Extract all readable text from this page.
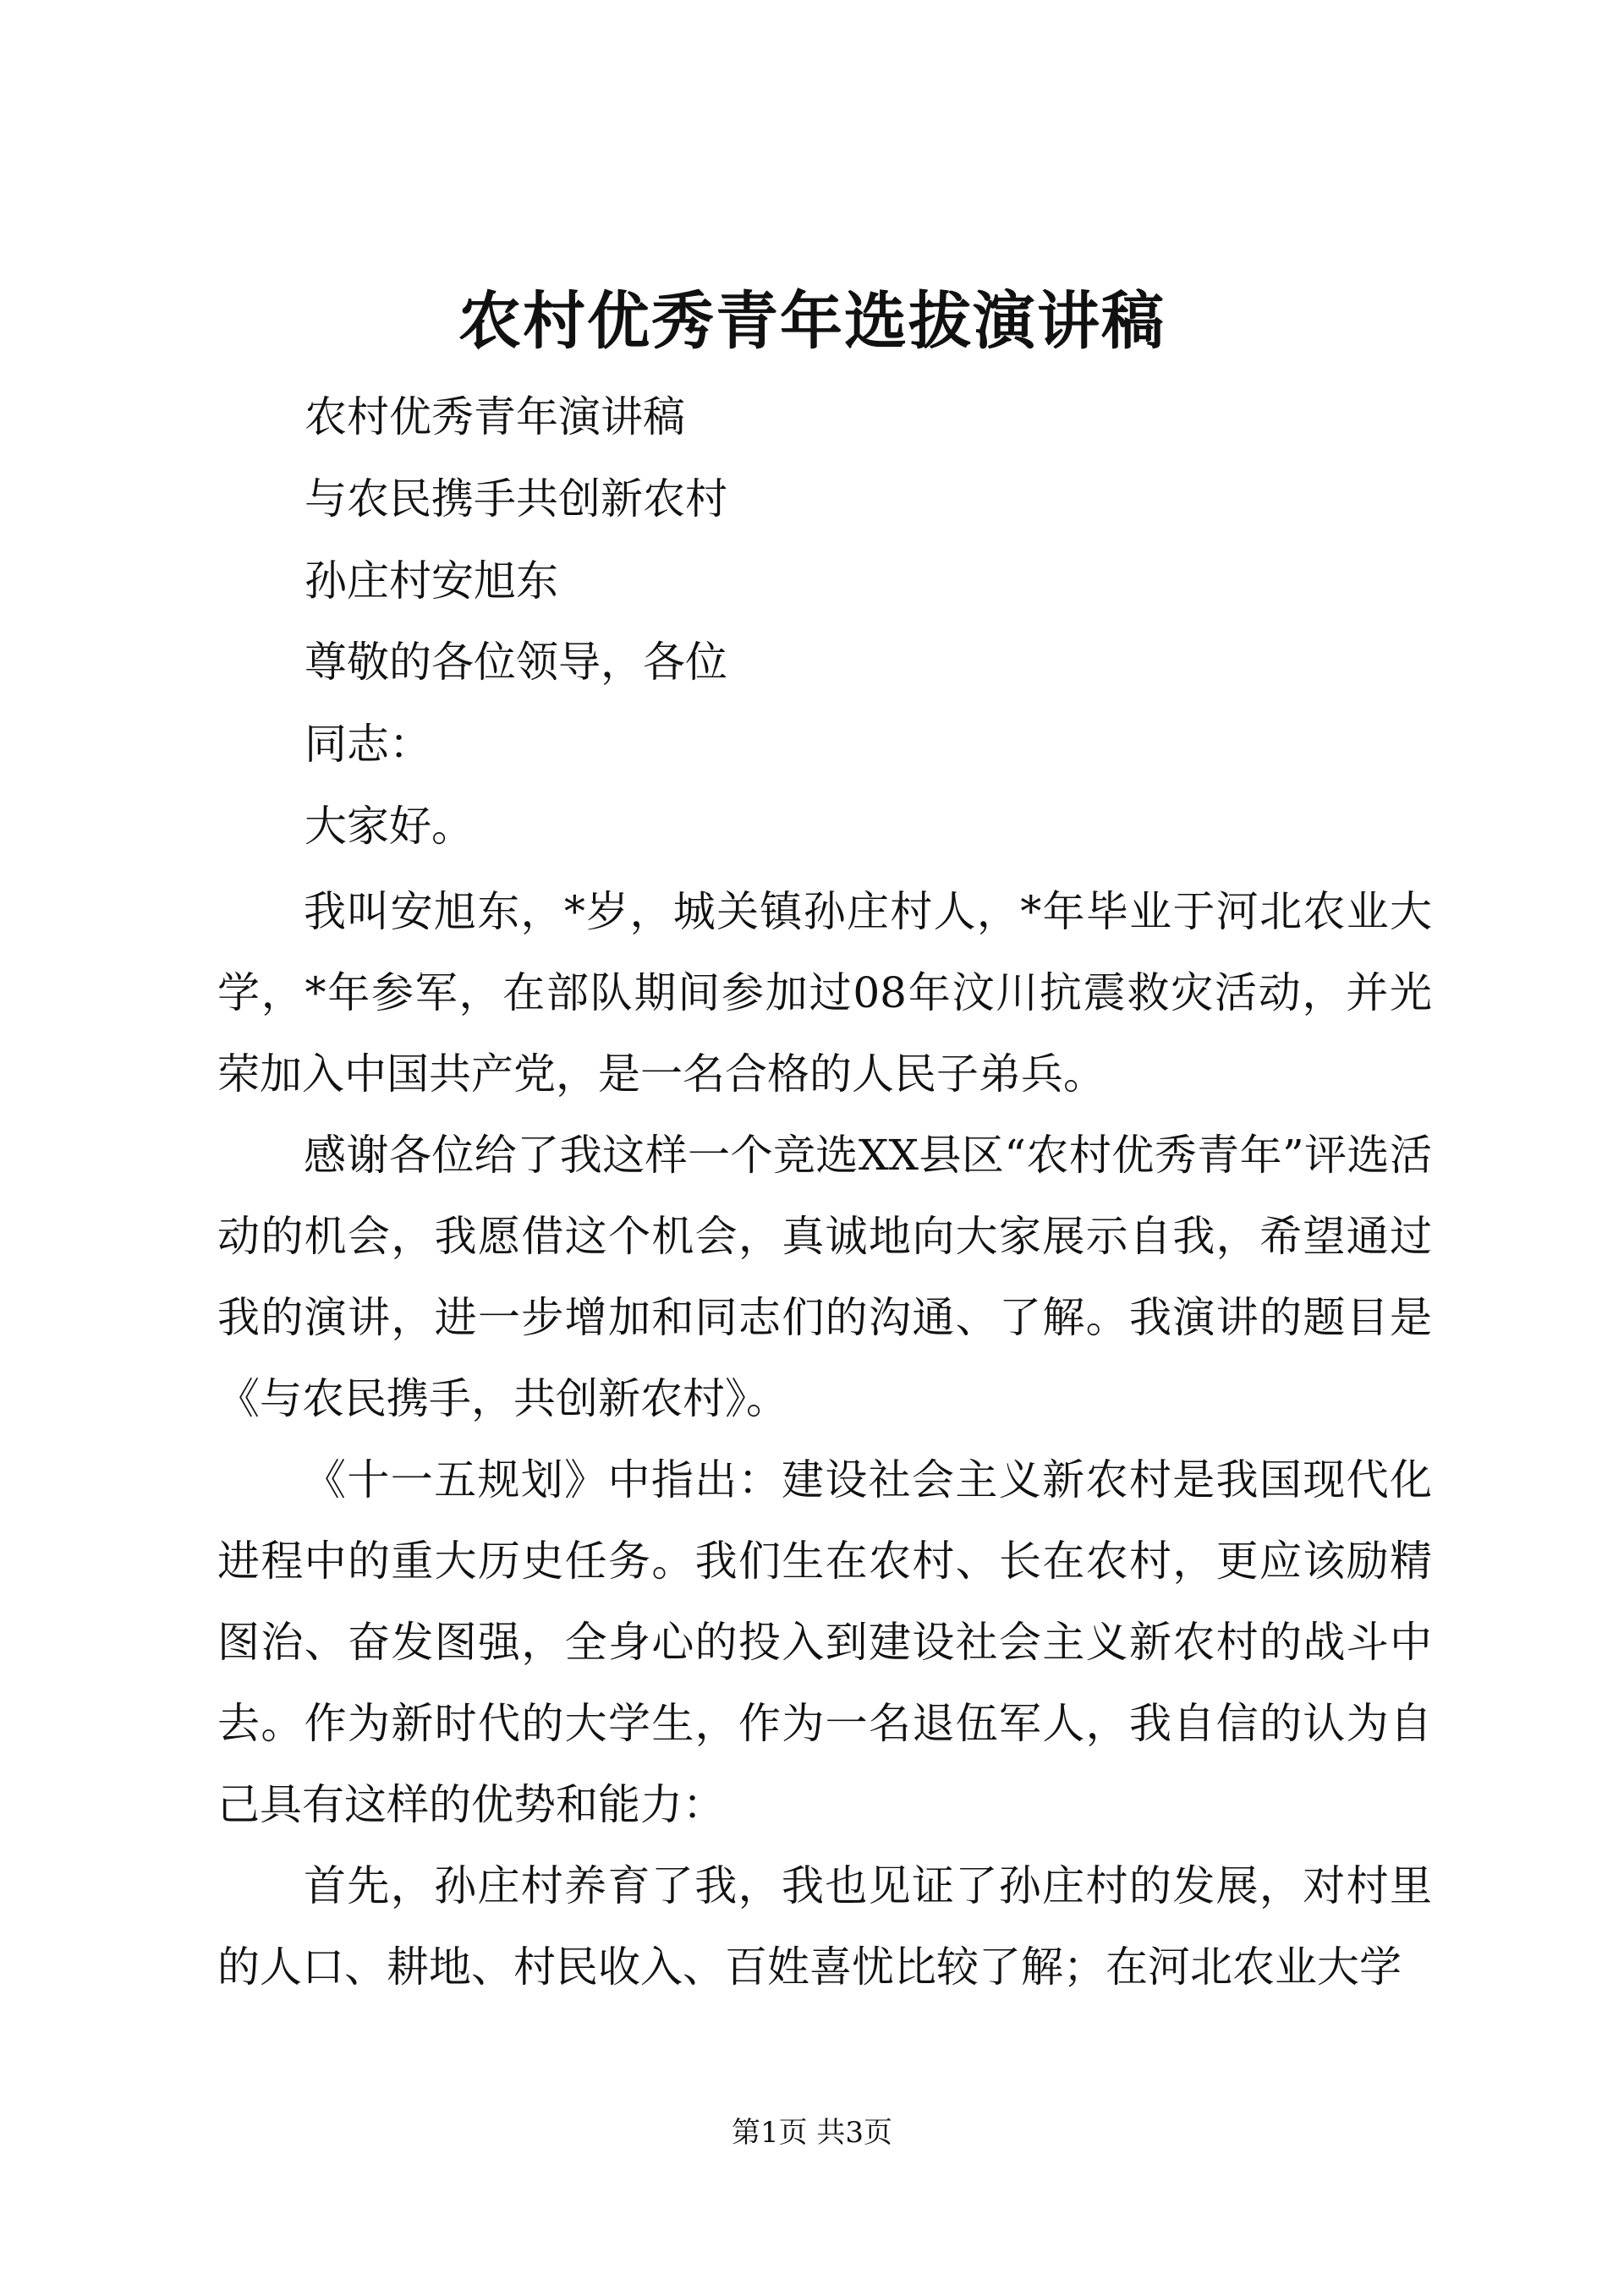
农村优秀青年选拔演讲稿
农村优秀青年演讲稿
与农民携手共创新农村
孙庄村安旭东
尊敬的各位领导，各位
同志：
大家好。

我叫安旭东，*岁，城关镇孙庄村人，*年毕业于河北农业大学，*年参军，在部队期间参加过08年汶川抗震救灾活动，并光荣加入中国共产党，是一名合格的人民子弟兵。

感谢各位给了我这样一个竞选XX县区“农村优秀青年”评选活动的机会，我愿借这个机会，真诚地向大家展示自我，希望通过我的演讲，进一步增加和同志们的沟通、了解。我演讲的题目是《与农民携手，共创新农村》。

《十一五规划》中指出：建设社会主义新农村是我国现代化进程中的重大历史任务。我们生在农村、长在农村，更应该励精图治、奋发图强，全身心的投入到建设社会主义新农村的战斗中去。作为新时代的大学生，作为一名退伍军人，我自信的认为自己具有这样的优势和能力：

首先，孙庄村养育了我，我也见证了孙庄村的发展，对村里的人口、耕地、村民收入、百姓喜忧比较了解；在河北农业大学

第1页 共3页
